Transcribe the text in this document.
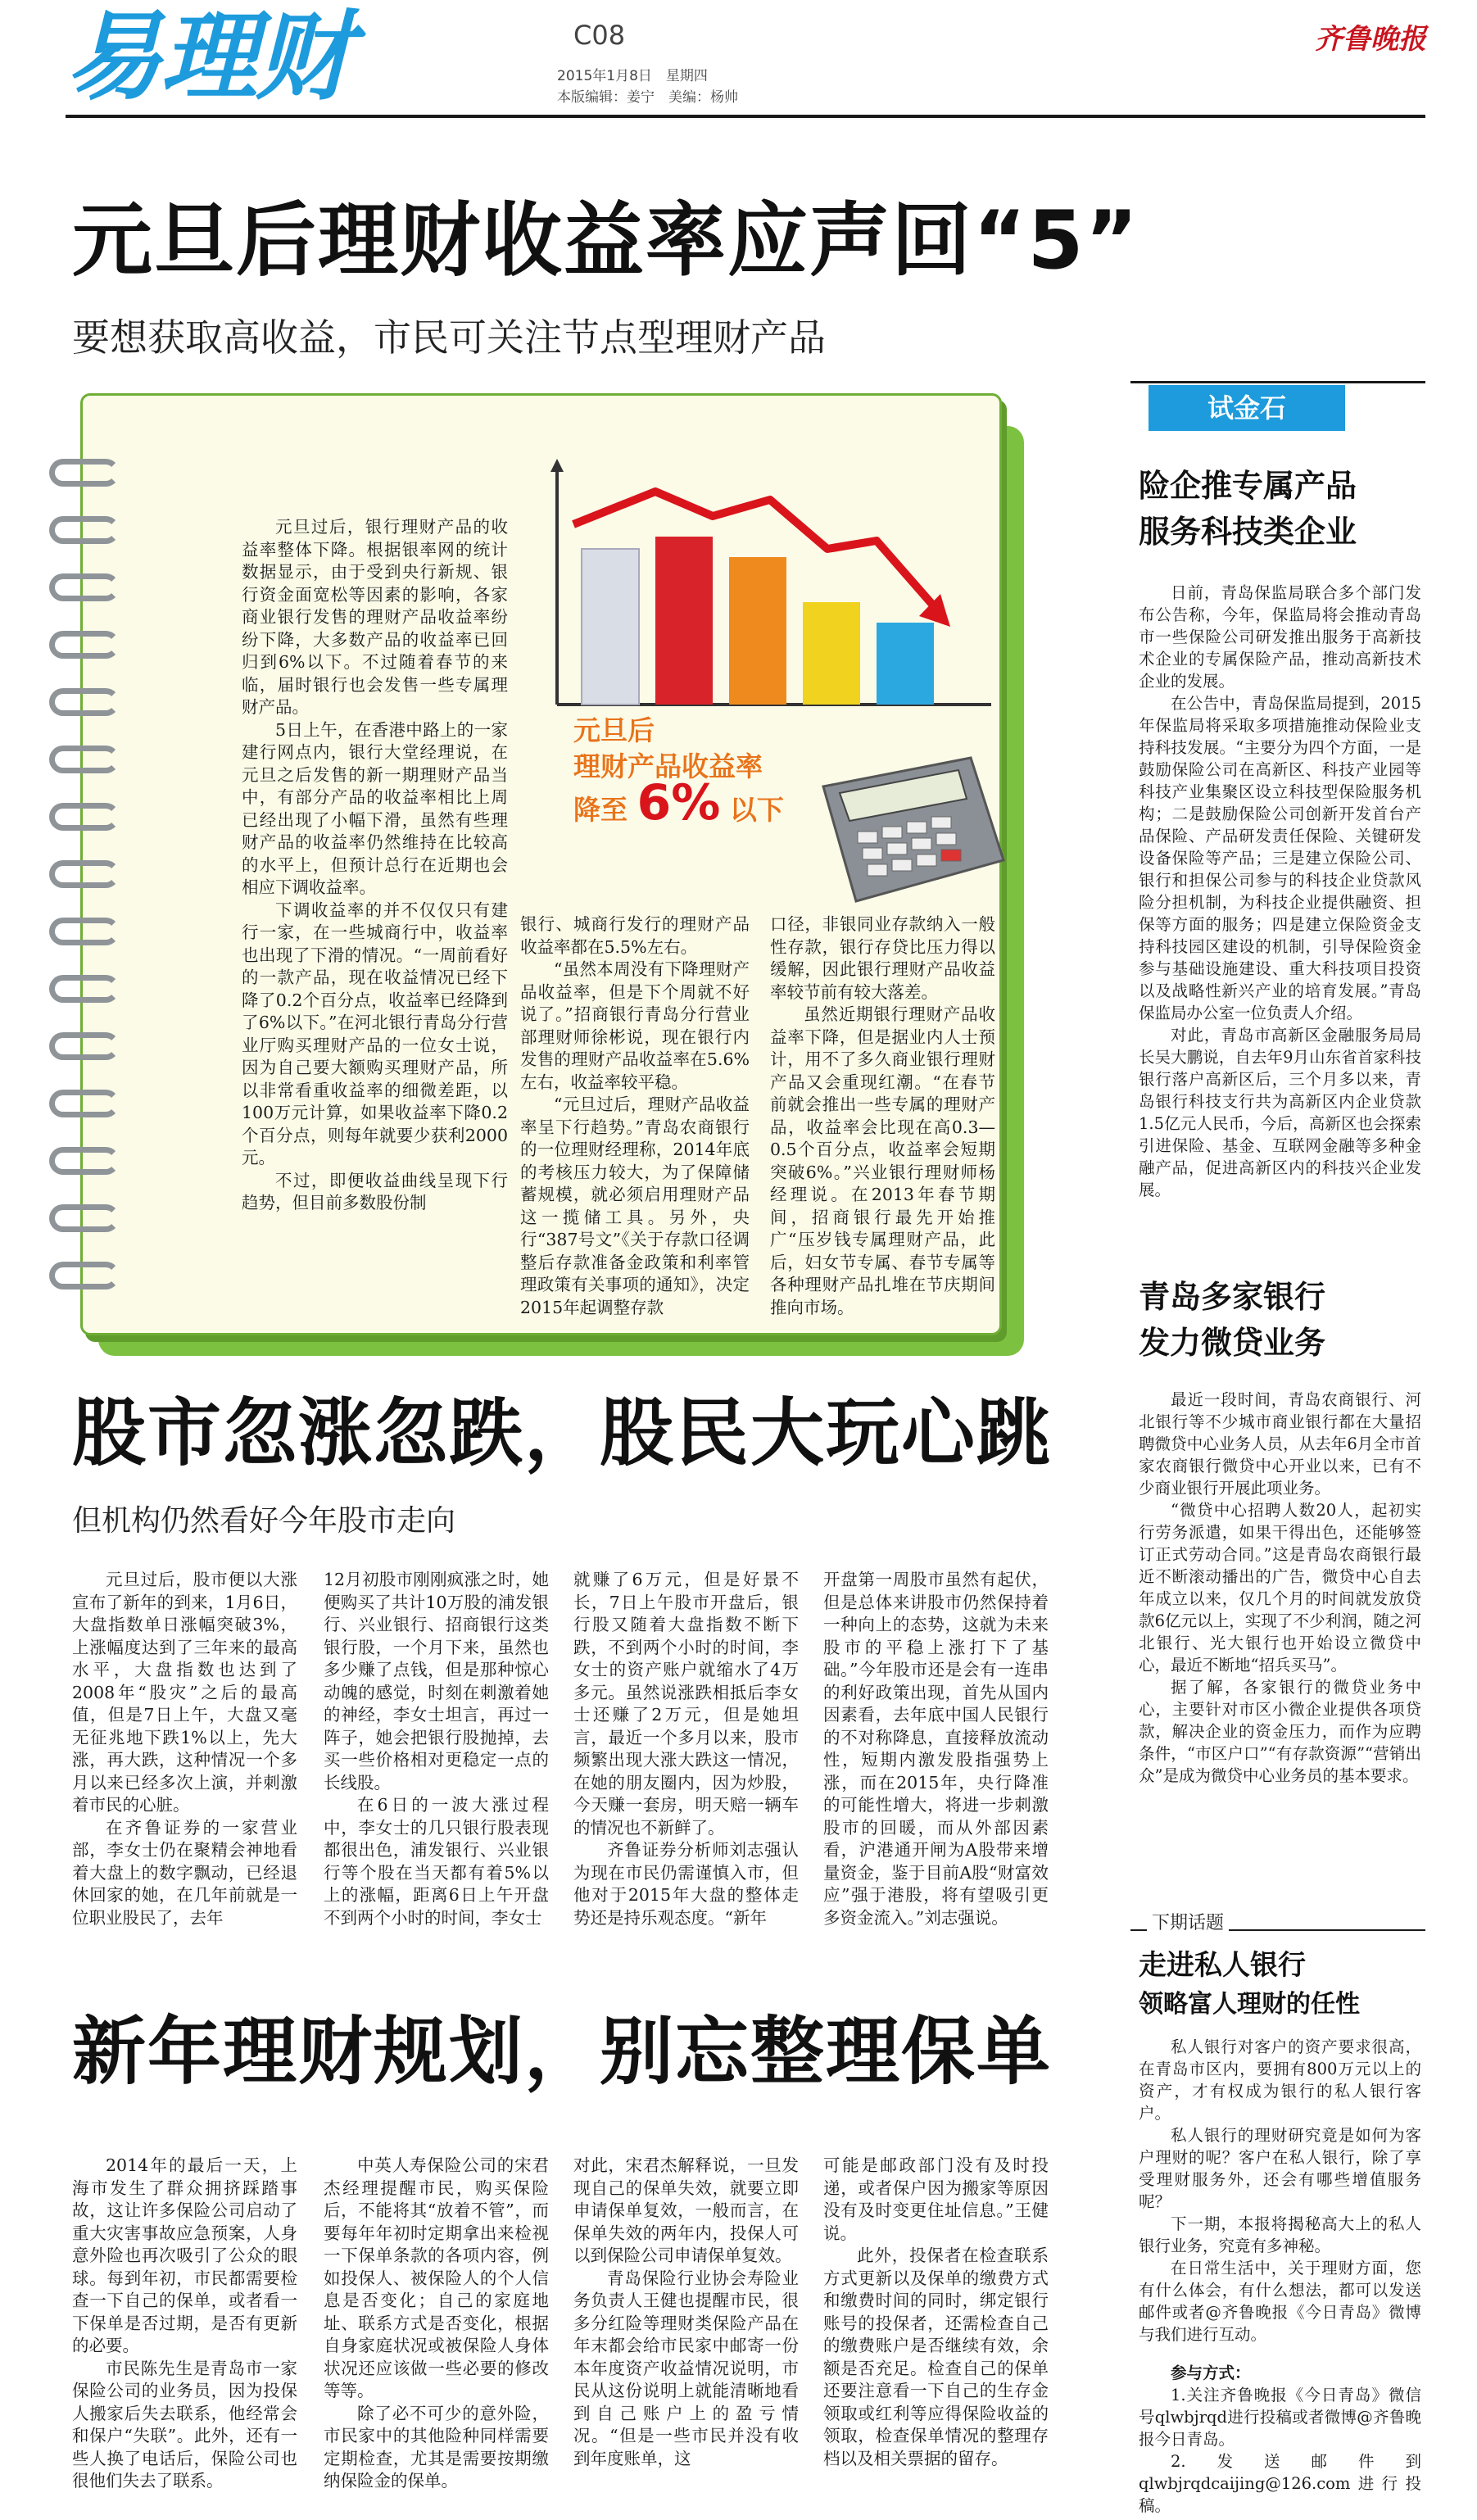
易理财	C08
2015年1月8日　星期四
本版编辑：姜宁　美编：杨帅
齐鲁晚报
元旦后理财收益率应声回“5”
要想获取高收益，市民可关注节点型理财产品
元旦后
理财产品收益率
降至 6% 以下

元旦过后，银行理财产品的收益率整体下降。根据银率网的统计数据显示，由于受到央行新规、银行资金面宽松等因素的影响，各家商业银行发售的理财产品收益率纷纷下降，大多数产品的收益率已回归到6%以下。不过随着春节的来临，届时银行也会发售一些专属理财产品。

5日上午，在香港中路上的一家建行网点内，银行大堂经理说，在元旦之后发售的新一期理财产品当中，有部分产品的收益率相比上周已经出现了小幅下滑，虽然有些理财产品的收益率仍然维持在比较高的水平上，但预计总行在近期也会相应下调收益率。

下调收益率的并不仅仅只有建行一家，在一些城商行中，收益率也出现了下滑的情况。“一周前看好的一款产品，现在收益情况已经下降了0.2个百分点，收益率已经降到了6%以下。”在河北银行青岛分行营业厅购买理财产品的一位女士说，因为自己要大额购买理财产品，所以非常看重收益率的细微差距，以100万元计算，如果收益率下降0.2个百分点，则每年就要少获利2000元。

不过，即便收益曲线呈现下行趋势，但目前多数股份制

银行、城商行发行的理财产品收益率都在5.5%左右。

“虽然本周没有下降理财产品收益率，但是下个周就不好说了。”招商银行青岛分行营业部理财师徐彬说，现在银行内发售的理财产品收益率在5.6%左右，收益率较平稳。

“元旦过后，理财产品收益率呈下行趋势。”青岛农商银行的一位理财经理称，2014年底的考核压力较大，为了保障储蓄规模，就必须启用理财产品这一揽储工具。另外，央行“387号文”《关于存款口径调整后存款准备金政策和利率管理政策有关事项的通知》，决定2015年起调整存款

口径，非银同业存款纳入一般性存款，银行存贷比压力得以缓解，因此银行理财产品收益率较节前有较大落差。

虽然近期银行理财产品收益率下降，但是据业内人士预计，用不了多久商业银行理财产品又会重现红潮。“在春节前就会推出一些专属的理财产品，收益率会比现在高0.3—0.5个百分点，收益率会短期突破6%。”兴业银行理财师杨经理说。在2013年春节期间，招商银行最先开始推广“压岁钱专属理财产品，此后，妇女节专属、春节专属等各种理财产品扎堆在节庆期间推向市场。

股市忽涨忽跌，股民大玩心跳
但机构仍然看好今年股市走向

元旦过后，股市便以大涨宣布了新年的到来，1月6日，大盘指数单日涨幅突破3%，上涨幅度达到了三年来的最高水平，大盘指数也达到了2008年“股灾”之后的最高值，但是7日上午，大盘又毫无征兆地下跌1%以上，先大涨，再大跌，这种情况一个多月以来已经多次上演，并刺激着市民的心脏。

在齐鲁证券的一家营业部，李女士仍在聚精会神地看着大盘上的数字飘动，已经退休回家的她，在几年前就是一位职业股民了，去年

12月初股市刚刚疯涨之时，她便购买了共计10万股的浦发银行、兴业银行、招商银行这类银行股，一个月下来，虽然也多少赚了点钱，但是那种惊心动魄的感觉，时刻在刺激着她的神经，李女士坦言，再过一阵子，她会把银行股抛掉，去买一些价格相对更稳定一点的长线股。

在6日的一波大涨过程中，李女士的几只银行股表现都很出色，浦发银行、兴业银行等个股在当天都有着5%以上的涨幅，距离6日上午开盘不到两个小时的时间，李女士

就赚了6万元，但是好景不长，7日上午股市开盘后，银行股又随着大盘指数不断下跌，不到两个小时的时间，李女士的资产账户就缩水了4万多元。虽然说涨跌相抵后李女士还赚了2万元，但是她坦言，最近一个多月以来，股市频繁出现大涨大跌这一情况，在她的朋友圈内，因为炒股，今天赚一套房，明天赔一辆车的情况也不新鲜了。

齐鲁证券分析师刘志强认为现在市民仍需谨慎入市，但他对于2015年大盘的整体走势还是持乐观态度。“新年

开盘第一周股市虽然有起伏，但是总体来讲股市仍然保持着一种向上的态势，这就为未来股市的平稳上涨打下了基础。”今年股市还是会有一连串的利好政策出现，首先从国内因素看，去年底中国人民银行的不对称降息，直接释放流动性，短期内激发股指强势上涨，而在2015年，央行降准的可能性增大，将进一步刺激股市的回暖，而从外部因素看，沪港通开闸为A股带来增量资金，鉴于目前A股“财富效应”强于港股，将有望吸引更多资金流入。”刘志强说。

新年理财规划，别忘整理保单

2014年的最后一天，上海市发生了群众拥挤踩踏事故，这让许多保险公司启动了重大灾害事故应急预案，人身意外险也再次吸引了公众的眼球。每到年初，市民都需要检查一下自己的保单，或者看一下保单是否过期，是否有更新的必要。

市民陈先生是青岛市一家保险公司的业务员，因为投保人搬家后失去联系，他经常会和保户“失联”。此外，还有一些人换了电话后，保险公司也很他们失去了联系。

中英人寿保险公司的宋君杰经理提醒市民，购买保险后，不能将其“放着不管”，而要每年年初时定期拿出来检视一下保单条款的各项内容，例如投保人、被保险人的个人信息是否变化；自己的家庭地址、联系方式是否变化，根据自身家庭状况或被保险人身体状况还应该做一些必要的修改等等。

除了必不可少的意外险，市民家中的其他险种同样需要定期检查，尤其是需要按期缴纳保险金的保单。

对此，宋君杰解释说，一旦发现自己的保单失效，就要立即申请保单复效，一般而言，在保单失效的两年内，投保人可以到保险公司申请保单复效。

青岛保险行业协会寿险业务负责人王健也提醒市民，很多分红险等理财类保险产品在年末都会给市民家中邮寄一份本年度资产收益情况说明，市民从这份说明上就能清晰地看到自己账户上的盈亏情况。“但是一些市民并没有收到年度账单，这

可能是邮政部门没有及时投递，或者保户因为搬家等原因没有及时变更住址信息。”王健说。

此外，投保者在检查联系方式更新以及保单的缴费方式和缴费时间的同时，绑定银行账号的投保者，还需检查自己的缴费账户是否继续有效，余额是否充足。检查自己的保单还要注意看一下自己的生存金领取或红利等应得保险收益的领取，检查保单情况的整理存档以及相关票据的留存。

试金石
险企推专属产品
服务科技类企业

日前，青岛保监局联合多个部门发布公告称，今年，保监局将会推动青岛市一些保险公司研发推出服务于高新技术企业的专属保险产品，推动高新技术企业的发展。

在公告中，青岛保监局提到，2015年保监局将采取多项措施推动保险业支持科技发展。“主要分为四个方面，一是鼓励保险公司在高新区、科技产业园等科技产业集聚区设立科技型保险服务机构；二是鼓励保险公司创新开发首台产品保险、产品研发责任保险、关键研发设备保险等产品；三是建立保险公司、银行和担保公司参与的科技企业贷款风险分担机制，为科技企业提供融资、担保等方面的服务；四是建立保险资金支持科技园区建设的机制，引导保险资金参与基础设施建设、重大科技项目投资以及战略性新兴产业的培育发展。”青岛保监局办公室一位负责人介绍。

对此，青岛市高新区金融服务局局长吴大鹏说，自去年9月山东省首家科技银行落户高新区后，三个月多以来，青岛银行科技支行共为高新区内企业贷款1.5亿元人民币，今后，高新区也会探索引进保险、基金、互联网金融等多种金融产品，促进高新区内的科技兴企业发展。

青岛多家银行
发力微贷业务

最近一段时间，青岛农商银行、河北银行等不少城市商业银行都在大量招聘微贷中心业务人员，从去年6月全市首家农商银行微贷中心开业以来，已有不少商业银行开展此项业务。

“微贷中心招聘人数20人，起初实行劳务派遣，如果干得出色，还能够签订正式劳动合同。”这是青岛农商银行最近不断滚动播出的广告，微贷中心自去年成立以来，仅几个月的时间就发放贷款6亿元以上，实现了不少利润，随之河北银行、光大银行也开始设立微贷中心，最近不断地“招兵买马”。

据了解，各家银行的微贷业务中心，主要针对市区小微企业提供各项贷款，解决企业的资金压力，而作为应聘条件，“市区户口”“有存款资源”“营销出众”是成为微贷中心业务员的基本要求。

下期话题
走进私人银行
领略富人理财的任性

私人银行对客户的资产要求很高，在青岛市区内，要拥有800万元以上的资产，才有权成为银行的私人银行客户。

私人银行的理财研究竟是如何为客户理财的呢？客户在私人银行，除了享受理财服务外，还会有哪些增值服务呢？

下一期，本报将揭秘高大上的私人银行业务，究竟有多神秘。

在日常生活中，关于理财方面，您有什么体会，有什么想法，都可以发送邮件或者@齐鲁晚报《今日青岛》微博与我们进行互动。

参与方式：

1.关注齐鲁晚报《今日青岛》微信号qlwbjrqd进行投稿或者微博@齐鲁晚报今日青岛。

2.发送邮件到qlwbjrqdcaijing@126.com进行投稿。
